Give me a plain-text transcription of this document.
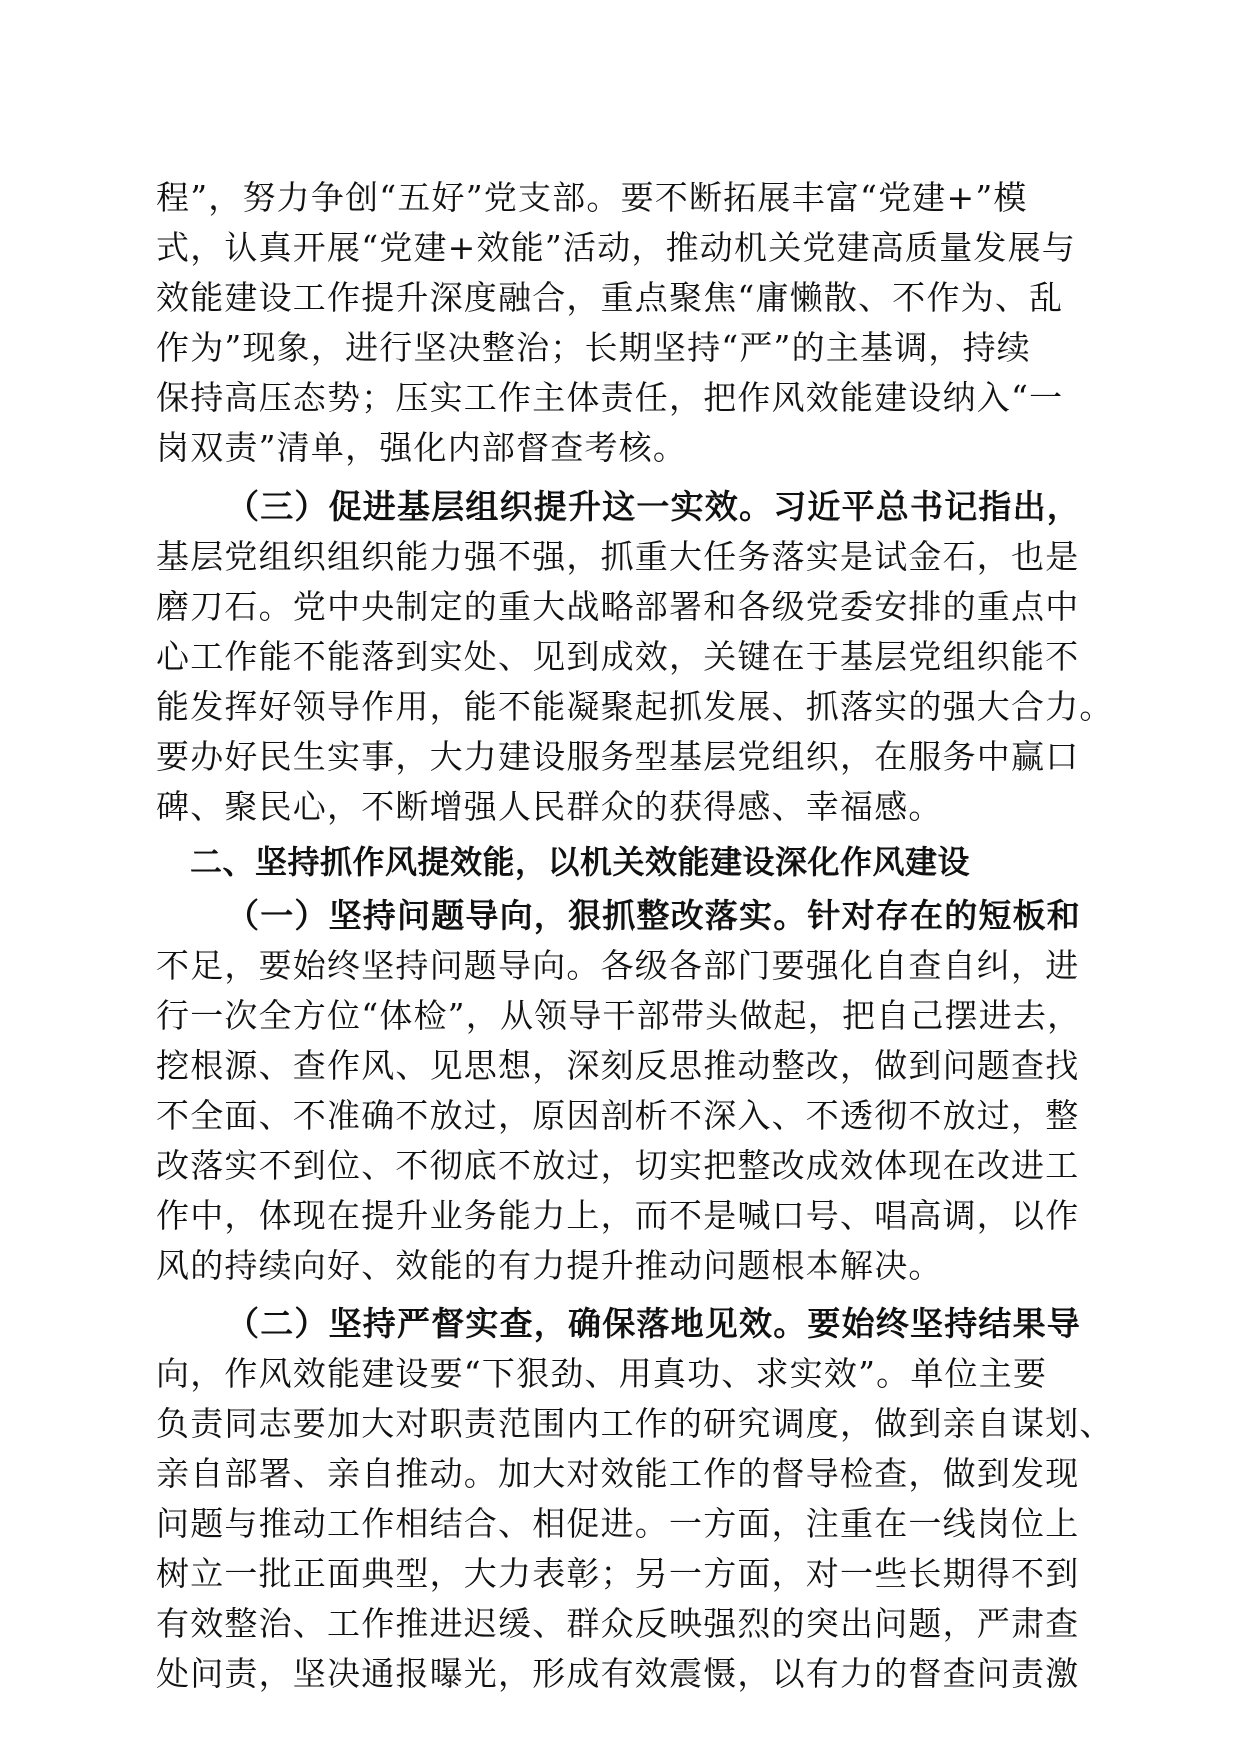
程”，努力争创“五好”党支部。要不断拓展丰富“党建+”模

式，认真开展“党建+效能”活动，推动机关党建高质量发展与

效能建设工作提升深度融合，重点聚焦“庸懒散、不作为、乱

作为”现象，进行坚决整治；长期坚持“严”的主基调，持续

保持高压态势；压实工作主体责任，把作风效能建设纳入“一

岗双责”清单，强化内部督查考核。

（三）促进基层组织提升这一实效。习近平总书记指出，

基层党组织组织能力强不强，抓重大任务落实是试金石，也是

磨刀石。党中央制定的重大战略部署和各级党委安排的重点中

心工作能不能落到实处、见到成效，关键在于基层党组织能不

能发挥好领导作用，能不能凝聚起抓发展、抓落实的强大合力。

要办好民生实事，大力建设服务型基层党组织，在服务中赢口

碑、聚民心，不断增强人民群众的获得感、幸福感。

二、坚持抓作风提效能，以机关效能建设深化作风建设

（一）坚持问题导向，狠抓整改落实。针对存在的短板和

不足，要始终坚持问题导向。各级各部门要强化自查自纠，进

行一次全方位“体检”，从领导干部带头做起，把自己摆进去，

挖根源、查作风、见思想，深刻反思推动整改，做到问题查找

不全面、不准确不放过，原因剖析不深入、不透彻不放过，整

改落实不到位、不彻底不放过，切实把整改成效体现在改进工

作中，体现在提升业务能力上，而不是喊口号、唱高调，以作

风的持续向好、效能的有力提升推动问题根本解决。

（二）坚持严督实查，确保落地见效。要始终坚持结果导

向，作风效能建设要“下狠劲、用真功、求实效”。单位主要

负责同志要加大对职责范围内工作的研究调度，做到亲自谋划、

亲自部署、亲自推动。加大对效能工作的督导检查，做到发现

问题与推动工作相结合、相促进。一方面，注重在一线岗位上

树立一批正面典型，大力表彰；另一方面，对一些长期得不到

有效整治、工作推进迟缓、群众反映强烈的突出问题，严肃查

处问责，坚决通报曝光，形成有效震慑，以有力的督查问责激
